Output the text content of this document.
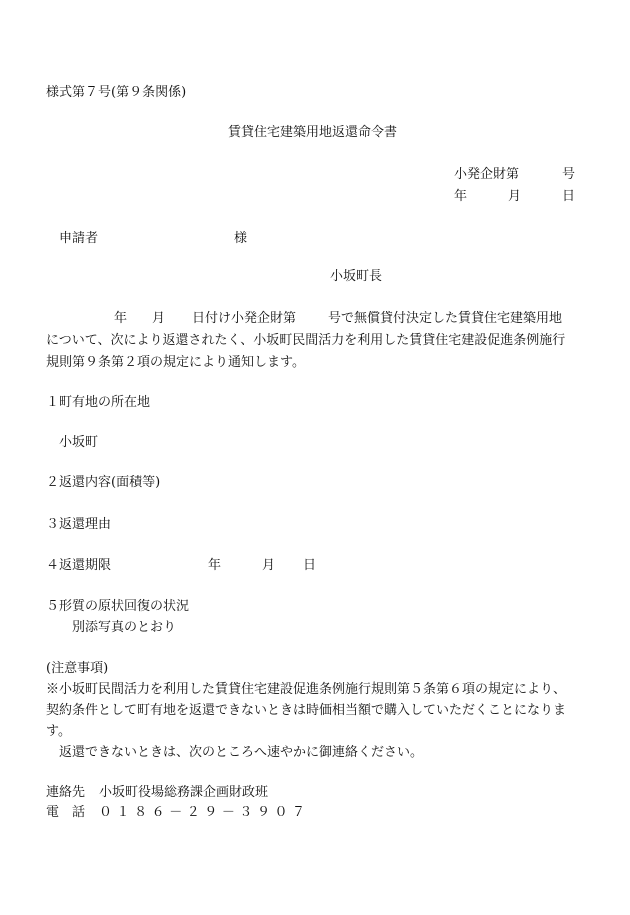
様式第７号(第９条関係)
賃貸住宅建築用地返還命令書
小発企財第	号
年	月	日
申請者	様
小坂町長
年 月 日付け小発企財第 号で無償貸付決定した賃貸住宅建築用地
について、次により返還されたく、小坂町民間活力を利用した賃貸住宅建設促進条例施行
規則第９条第２項の規定により通知します。
１町有地の所在地
小坂町
２返還内容(面積等)
３返還理由
４返還期限	年	月 日
５形質の原状回復の状況
別添写真のとおり
(注意事項)
※小坂町民間活力を利用した賃貸住宅建設促進条例施行規則第５条第６項の規定により、
契約条件として町有地を返還できないときは時価相当額で購入していただくことになりま
す。
返還できないときは、次のところへ速やかに御連絡ください。
連絡先 小坂町役場総務課企画財政班
電　話 ０１８６－２９－３９０７
